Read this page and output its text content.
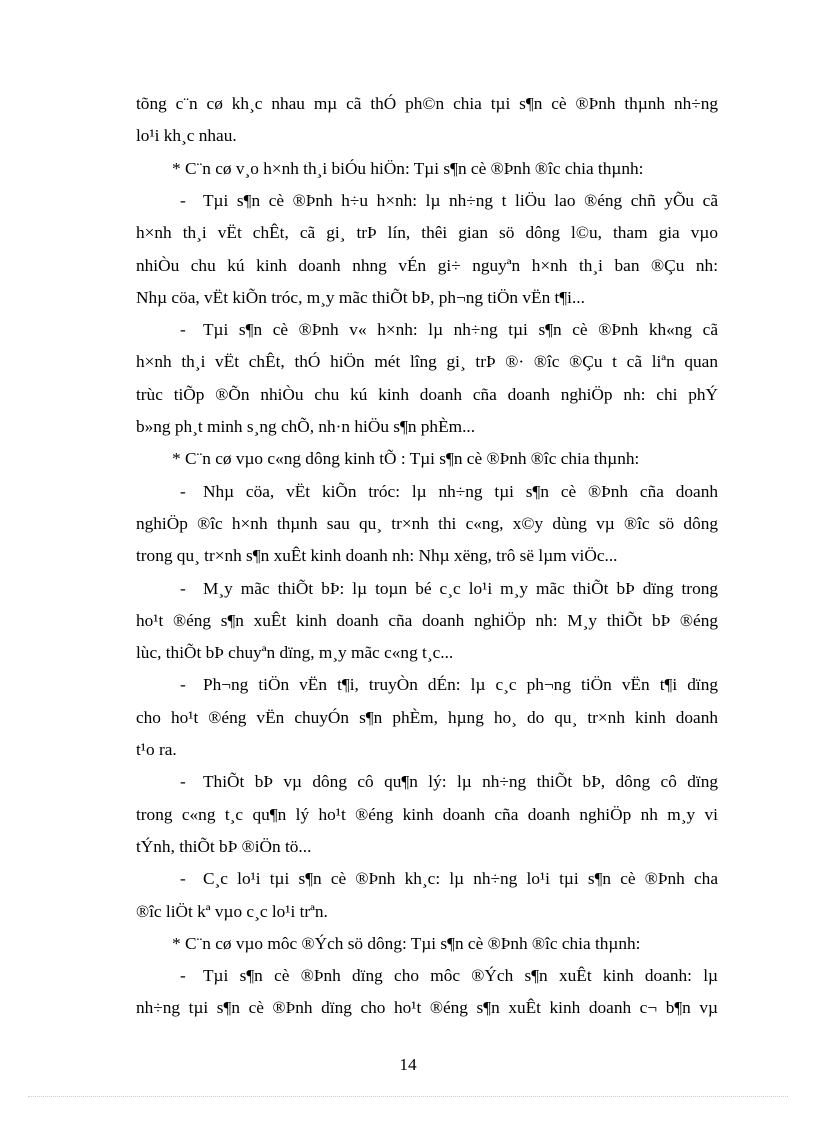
tõng c¨n cø kh¸c nhau mµ cã thÓ ph©n chia tµi s¶n cè ®Þnh thµnh nh÷ng
lo¹i kh¸c nhau.
* C¨n cø v¸o h×nh th¸i biÓu hiÖn: Tµi s¶n cè ®Þnh ®îc chia thµnh:
- Tµi s¶n cè ®Þnh h÷u h×nh: lµ nh÷ng t liÖu lao ®éng chñ yÕu cã
h×nh th¸i vËt chÊt, cã gi¸ trÞ lín, thêi gian sö dông l©u, tham gia vµo
nhiÒu chu kú kinh doanh nhng vÉn gi÷ nguyªn h×nh th¸i ban ®Çu nh:
Nhµ cöa, vËt kiÕn tróc, m¸y mãc thiÕt bÞ, ph¬ng tiÖn vËn t¶i...
- Tµi s¶n cè ®Þnh v« h×nh: lµ nh÷ng tµi s¶n cè ®Þnh kh«ng cã
h×nh th¸i vËt chÊt, thÓ hiÖn mét lîng gi¸ trÞ ®· ®îc ®Çu t cã liªn quan
trùc tiÕp ®Õn nhiÒu chu kú kinh doanh cña doanh nghiÖp nh: chi phÝ
b»ng ph¸t minh s¸ng chÕ, nh·n hiÖu s¶n phÈm...
* C¨n cø vµo c«ng dông kinh tÕ : Tµi s¶n cè ®Þnh ®îc chia thµnh:
- Nhµ cöa, vËt kiÕn tróc: lµ nh÷ng tµi s¶n cè ®Þnh cña doanh
nghiÖp ®îc h×nh thµnh sau qu¸ tr×nh thi c«ng, x©y dùng vµ ®îc sö dông
trong qu¸ tr×nh s¶n xuÊt kinh doanh nh: Nhµ xëng, trô së lµm viÖc...
- M¸y mãc thiÕt bÞ: lµ toµn bé c¸c lo¹i m¸y mãc thiÕt bÞ dïng trong
ho¹t ®éng s¶n xuÊt kinh doanh cña doanh nghiÖp nh: M¸y thiÕt bÞ ®éng
lùc, thiÕt bÞ chuyªn dïng, m¸y mãc c«ng t¸c...
- Ph¬ng tiÖn vËn t¶i, truyÒn dÉn: lµ c¸c ph¬ng tiÖn vËn t¶i dïng
cho ho¹t ®éng vËn chuyÓn s¶n phÈm, hµng ho¸ do qu¸ tr×nh kinh doanh
t¹o ra.
- ThiÕt bÞ vµ dông cô qu¶n lý: lµ nh÷ng thiÕt bÞ, dông cô dïng
trong c«ng t¸c qu¶n lý ho¹t ®éng kinh doanh cña doanh nghiÖp nh m¸y vi
tÝnh, thiÕt bÞ ®iÖn tö...
- C¸c lo¹i tµi s¶n cè ®Þnh kh¸c: lµ nh÷ng lo¹i tµi s¶n cè ®Þnh cha
®îc liÖt kª vµo c¸c lo¹i trªn.
* C¨n cø vµo môc ®Ých sö dông: Tµi s¶n cè ®Þnh ®îc chia thµnh:
- Tµi s¶n cè ®Þnh dïng cho môc ®Ých s¶n xuÊt kinh doanh: lµ
nh÷ng tµi s¶n cè ®Þnh dïng cho ho¹t ®éng s¶n xuÊt kinh doanh c¬ b¶n vµ
14
